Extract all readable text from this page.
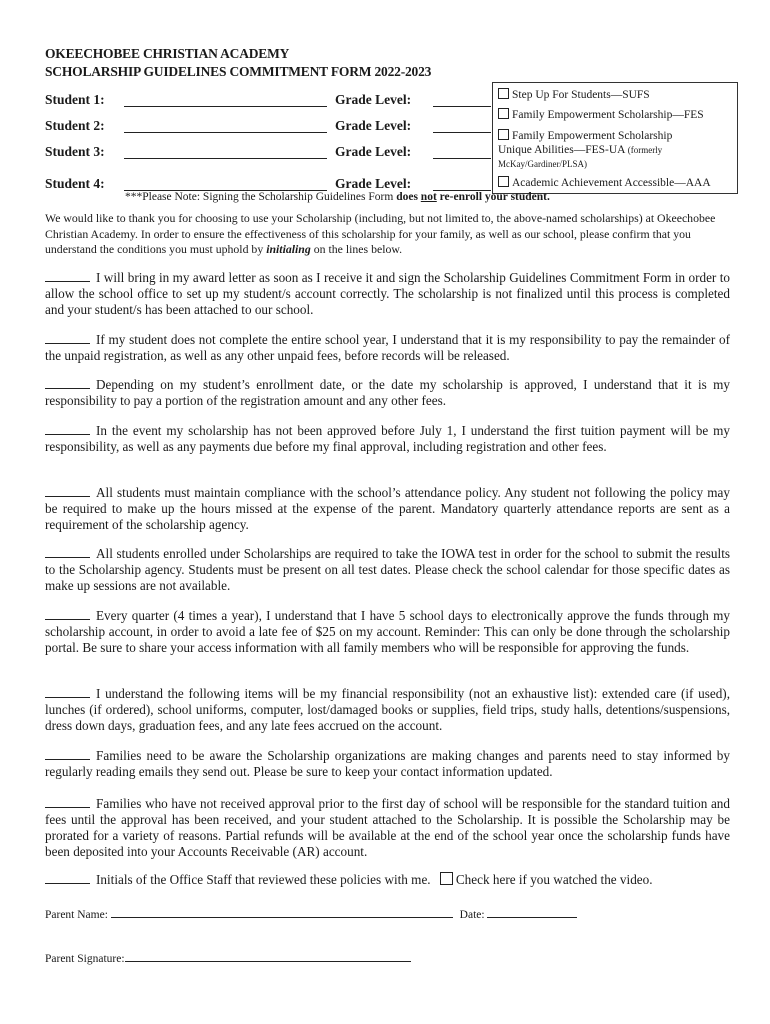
OKEECHOBEE CHRISTIAN ACADEMY
SCHOLARSHIP GUIDELINES COMMITMENT FORM 2022-2023
Student 1:	Grade Level:
Student 2:	Grade Level:
Student 3:	Grade Level:
Student 4:	Grade Level:
Step Up For Students—SUFS
Family Empowerment Scholarship—FES
Family Empowerment Scholarship
Unique Abilities—FES-UA (formerly
McKay/Gardiner/PLSA)
Academic Achievement Accessible—AAA
***Please Note: Signing the Scholarship Guidelines Form does not re-enroll your student.
We would like to thank you for choosing to use your Scholarship (including, but not limited to, the above-named scholarships) at Okeechobee Christian Academy. In order to ensure the effectiveness of this scholarship for your family, as well as our school, please confirm that you understand the conditions you must uphold by initialing on the lines below.
I will bring in my award letter as soon as I receive it and sign the Scholarship Guidelines Commitment Form in order to allow the school office to set up my student/s account correctly. The scholarship is not finalized until this process is completed and your student/s has been attached to our school.
If my student does not complete the entire school year, I understand that it is my responsibility to pay the remainder of the unpaid registration, as well as any other unpaid fees, before records will be released.
Depending on my student’s enrollment date, or the date my scholarship is approved, I understand that it is my responsibility to pay a portion of the registration amount and any other fees.
In the event my scholarship has not been approved before July 1, I understand the first tuition payment will be my responsibility, as well as any payments due before my final approval, including registration and other fees.
All students must maintain compliance with the school’s attendance policy. Any student not following the policy may be required to make up the hours missed at the expense of the parent. Mandatory quarterly attendance reports are sent as a requirement of the scholarship agency.
All students enrolled under Scholarships are required to take the IOWA test in order for the school to submit the results to the Scholarship agency. Students must be present on all test dates. Please check the school calendar for those specific dates as make up sessions are not available.
Every quarter (4 times a year), I understand that I have 5 school days to electronically approve the funds through my scholarship account, in order to avoid a late fee of $25 on my account. Reminder: This can only be done through the scholarship portal. Be sure to share your access information with all family members who will be responsible for approving the funds.
I understand the following items will be my financial responsibility (not an exhaustive list): extended care (if used), lunches (if ordered), school uniforms, computer, lost/damaged books or supplies, field trips, study halls, detentions/suspensions, dress down days, graduation fees, and any late fees accrued on the account.
Families need to be aware the Scholarship organizations are making changes and parents need to stay informed by regularly reading emails they send out. Please be sure to keep your contact information updated.
Families who have not received approval prior to the first day of school will be responsible for the standard tuition and fees until the approval has been received, and your student attached to the Scholarship. It is possible the Scholarship may be prorated for a variety of reasons. Partial refunds will be available at the end of the school year once the scholarship funds have been deposited into your Accounts Receivable (AR) account.
Initials of the Office Staff that reviewed these policies with me. Check here if you watched the video.
Parent Name:	Date:
Parent Signature:
